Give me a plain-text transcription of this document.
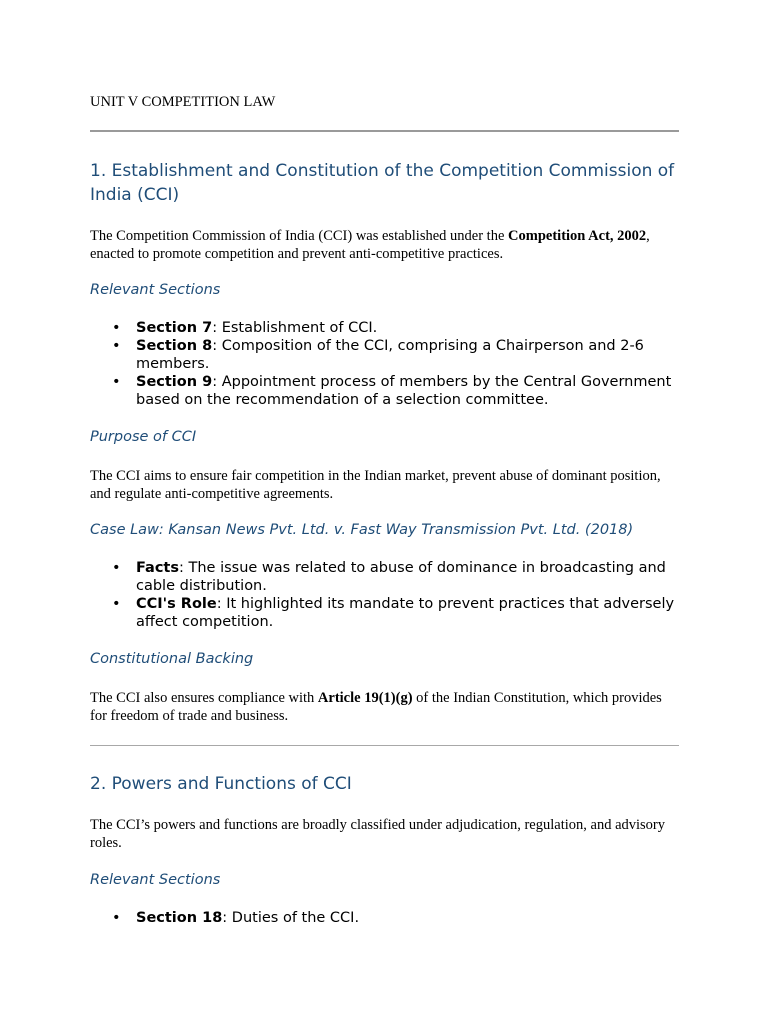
UNIT V COMPETITION LAW
1. Establishment and Constitution of the Competition Commission of India (CCI)

The Competition Commission of India (CCI) was established under the Competition Act, 2002, enacted to promote competition and prevent anti-competitive practices.

Relevant Sections
• Section 7: Establishment of CCI.
• Section 8: Composition of the CCI, comprising a Chairperson and 2-6 members.
• Section 9: Appointment process of members by the Central Government based on the recommendation of a selection committee.
Purpose of CCI

The CCI aims to ensure fair competition in the Indian market, prevent abuse of dominant position, and regulate anti-competitive agreements.

Case Law: Kansan News Pvt. Ltd. v. Fast Way Transmission Pvt. Ltd. (2018)
• Facts: The issue was related to abuse of dominance in broadcasting and cable distribution.
• CCI's Role: It highlighted its mandate to prevent practices that adversely affect competition.
Constitutional Backing

The CCI also ensures compliance with Article 19(1)(g) of the Indian Constitution, which provides for freedom of trade and business.

2. Powers and Functions of CCI

The CCI’s powers and functions are broadly classified under adjudication, regulation, and advisory roles.

Relevant Sections
• Section 18: Duties of the CCI.
